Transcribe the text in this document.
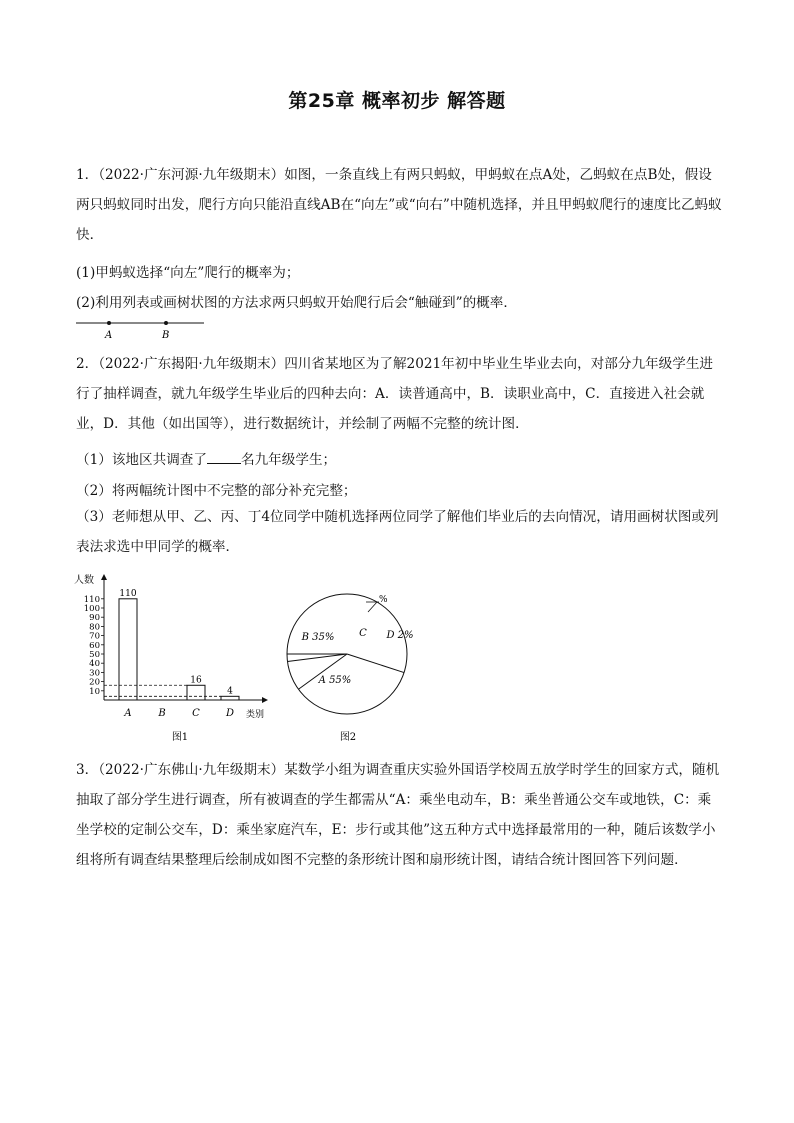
第25章 概率初步 解答题

1．（2022·广东河源·九年级期末）如图，一条直线上有两只蚂蚁，甲蚂蚁在点A处，乙蚂蚁在点B处，假设两只蚂蚁同时出发，爬行方向只能沿直线AB在“向左”或“向右”中随机选择，并且甲蚂蚁爬行的速度比乙蚂蚁快．

(1)甲蚂蚁选择“向左”爬行的概率为；
(2)利用列表或画树状图的方法求两只蚂蚁开始爬行后会“触碰到”的概率．
A	B

2．（2022·广东揭阳·九年级期末）四川省某地区为了解2021年初中毕业生毕业去向，对部分九年级学生进行了抽样调查，就九年级学生毕业后的四种去向：A．读普通高中，B．读职业高中，C．直接进入社会就业，D．其他（如出国等），进行数据统计，并绘制了两幅不完整的统计图．

（1）该地区共调查了	名九年级学生；
（2）将两幅统计图中不完整的部分补充完整；

（3）老师想从甲、乙、丙、丁4位同学中随机选择两位同学了解他们毕业后的去向情况，请用画树状图或列表法求选中甲同学的概率．

人数
类别
10
20
30
40
50
60
70
80
90
100
110
A
110
B	C
16
D
4
图1
A 55%
B 35% C D 2%
%
图2

3．（2022·广东佛山·九年级期末）某数学小组为调查重庆实验外国语学校周五放学时学生的回家方式，随机抽取了部分学生进行调查，所有被调查的学生都需从“A：乘坐电动车，B：乘坐普通公交车或地铁，C：乘坐学校的定制公交车，D：乘坐家庭汽车，E：步行或其他”这五种方式中选择最常用的一种，随后该数学小组将所有调查结果整理后绘制成如图不完整的条形统计图和扇形统计图，请结合统计图回答下列问题．
